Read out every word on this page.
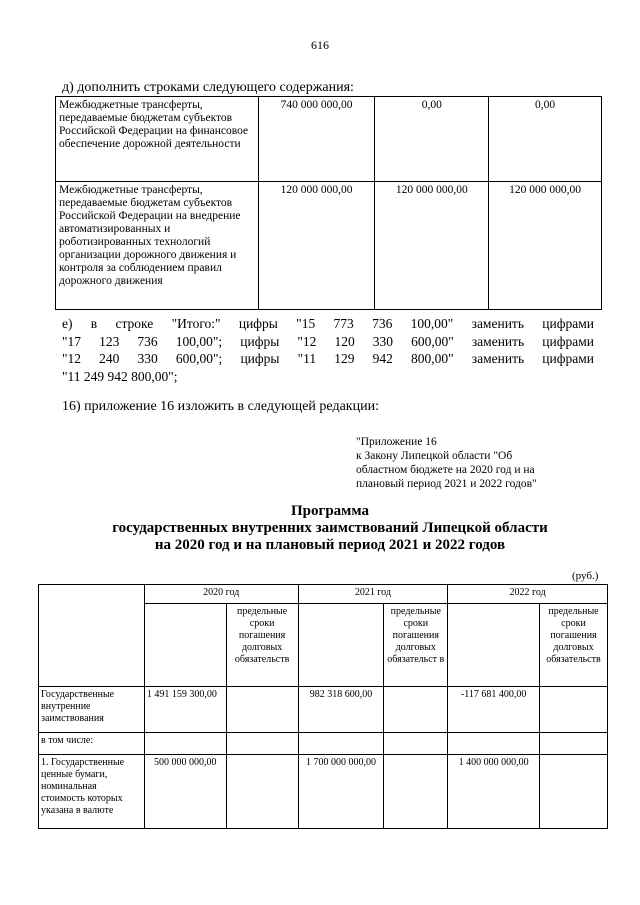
616
д) дополнить строками следующего содержания:
Межбюджетные трансферты, передаваемые бюджетам субъектов Российской Федерации на финансовое обеспечение дорожной деятельности	740 000 000,00	0,00	0,00
Межбюджетные трансферты, передаваемые бюджетам субъектов Российской Федерации на внедрение автоматизированных и роботизированных технологий организации дорожного движения и контроля за соблюдением правил дорожного движения	120 000 000,00	120 000 000,00	120 000 000,00
е) в строке "Итого:" цифры "15 773 736 100,00" заменить цифрами
"17 123 736 100,00"; цифры "12 120 330 600,00" заменить цифрами
"12 240 330 600,00"; цифры "11 129 942 800,00" заменить цифрами
"11 249 942 800,00";
16) приложение 16 изложить в следующей редакции:
"Приложение 16
к Закону Липецкой области "Об
областном бюджете на 2020 год и на
плановый период 2021 и 2022 годов"
Программа
государственных внутренних заимствований Липецкой области
на 2020 год и на плановый период 2021 и 2022 годов
(руб.)
	2020 год		2021 год		2022 год	
		предельные сроки погашения долговых обязательств		предельные сроки погашения долговых обязательст в		предельные сроки погашения долговых обязательств
Государственные внутренние заимствования	1 491 159 300,00		982 318 600,00		-117 681 400,00	
в том числе:						
1. Государственные ценные бумаги, номинальная стоимость которых указана в валюте	500 000 000,00		1 700 000 000,00		1 400 000 000,00	
